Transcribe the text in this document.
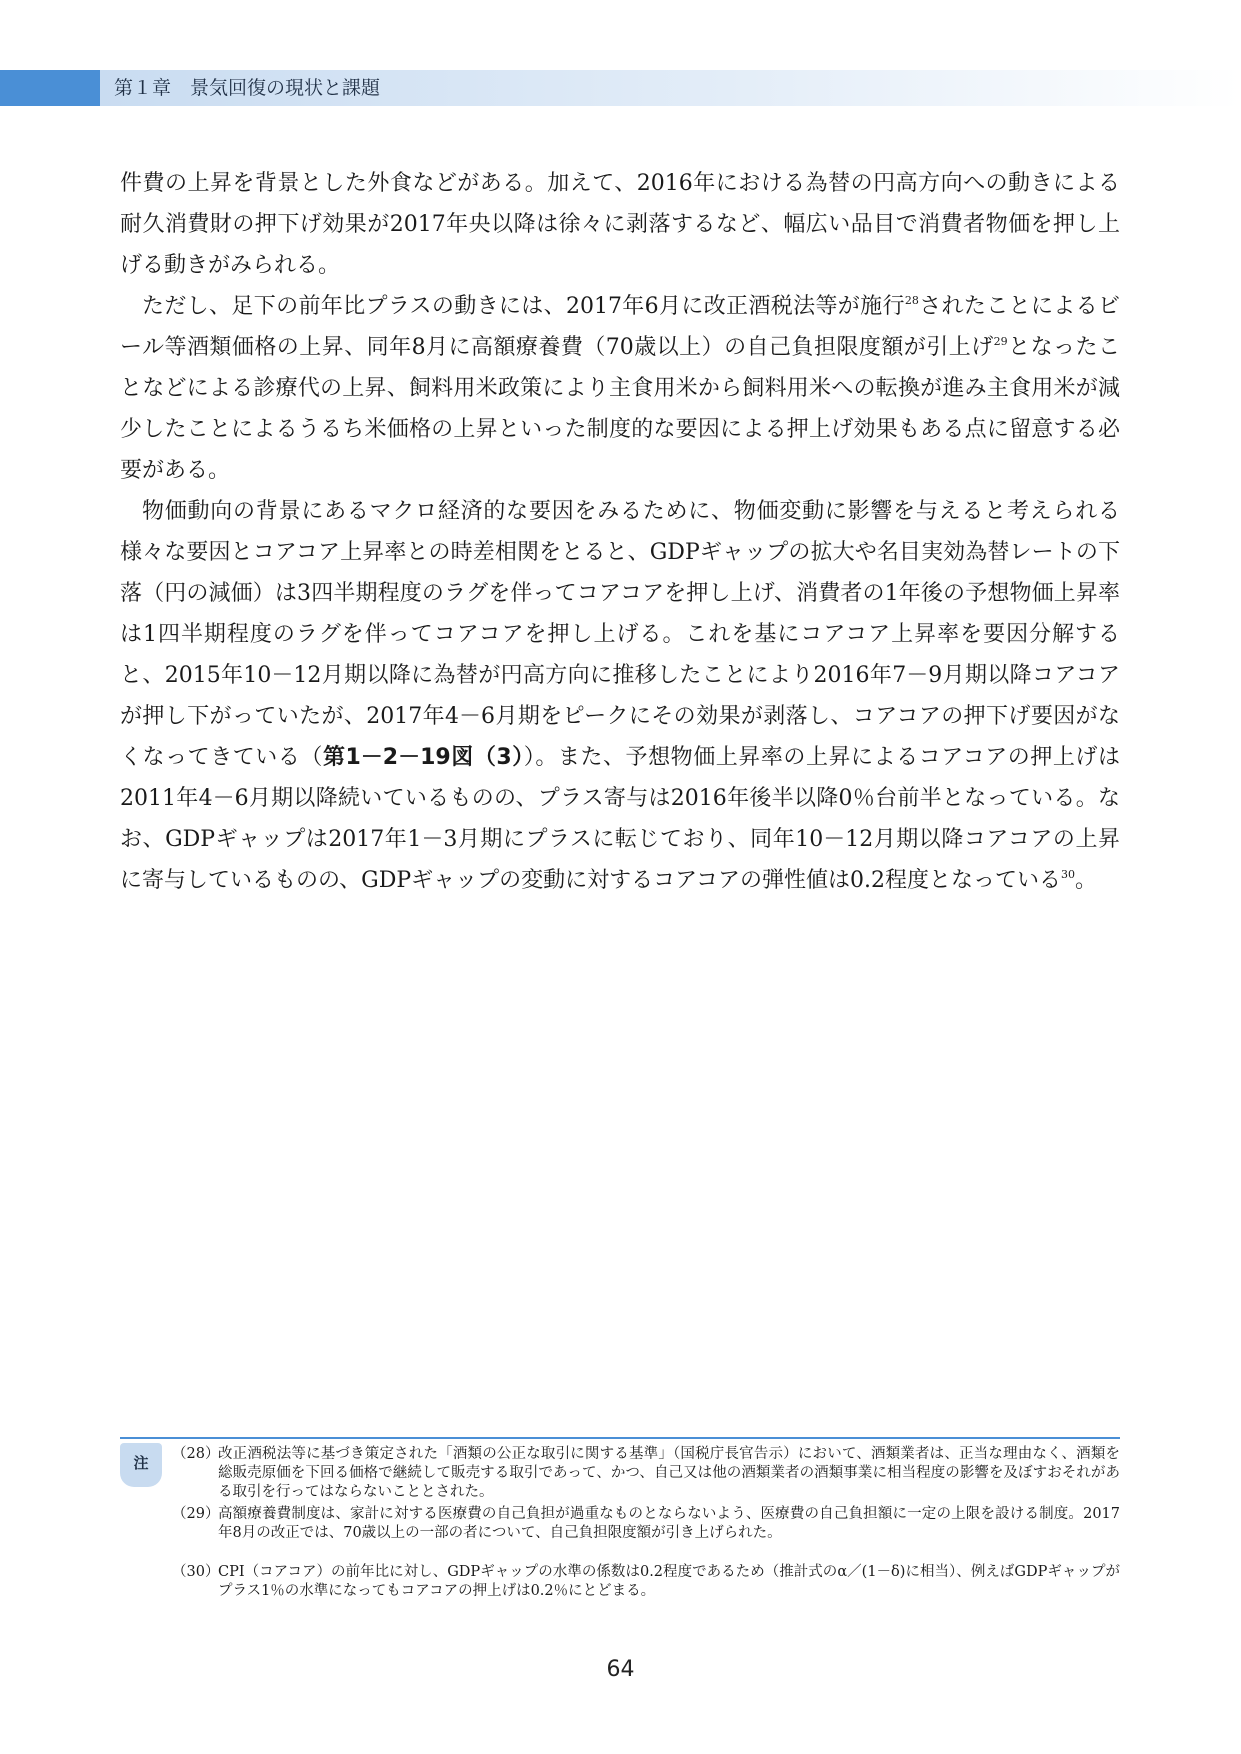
第１章　景気回復の現状と課題

件費の上昇を背景とした外食などがある。加えて、2016年における為替の円高方向への動きによる耐久消費財の押下げ効果が2017年央以降は徐々に剥落するなど、幅広い品目で消費者物価を押し上げる動きがみられる。

ただし、足下の前年比プラスの動きには、2017年6月に改正酒税法等が施行$^{28}$されたことによるビール等酒類価格の上昇、同年8月に高額療養費（70歳以上）の自己負担限度額が引上げ$^{29}$となったことなどによる診療代の上昇、飼料用米政策により主食用米から飼料用米への転換が進み主食用米が減少したことによるうるち米価格の上昇といった制度的な要因による押上げ効果もある点に留意する必要がある。

物価動向の背景にあるマクロ経済的な要因をみるために、物価変動に影響を与えると考えられる様々な要因とコアコア上昇率との時差相関をとると、GDPギャップの拡大や名目実効為替レートの下落（円の減価）は3四半期程度のラグを伴ってコアコアを押し上げ、消費者の1年後の予想物価上昇率は1四半期程度のラグを伴ってコアコアを押し上げる。これを基にコアコア上昇率を要因分解すると、2015年10－12月期以降に為替が円高方向に推移したことにより2016年7－9月期以降コアコアが押し下がっていたが、2017年4－6月期をピークにその効果が剥落し、コアコアの押下げ要因がなくなってきている（第1－2－19図（3））。また、予想物価上昇率の上昇によるコアコアの押上げは2011年4－6月期以降続いているものの、プラス寄与は2016年後半以降0％台前半となっている。なお、GDPギャップは2017年1－3月期にプラスに転じており、同年10－12月期以降コアコアの上昇に寄与しているものの、GDPギャップの変動に対するコアコアの弾性値は0.2程度となっている$^{30}$。

注	（28）
改正酒税法等に基づき策定された「酒類の公正な取引に関する基準」（国税庁長官告示）において、酒類業者は、正当な理由なく、酒類を総販売原価を下回る価格で継続して販売する取引であって、かつ、自己又は他の酒類業者の酒類事業に相当程度の影響を及ぼすおそれがある取引を行ってはならないこととされた。
（29）
高額療養費制度は、家計に対する医療費の自己負担が過重なものとならないよう、医療費の自己負担額に一定の上限を設ける制度。2017年8月の改正では、70歳以上の一部の者について、自己負担限度額が引き上げられた。
（30）
CPI（コアコア）の前年比に対し、GDPギャップの水準の係数は0.2程度であるため（推計式のα／(1－δ)に相当）、例えばGDPギャップがプラス1％の水準になってもコアコアの押上げは0.2％にとどまる。
64
